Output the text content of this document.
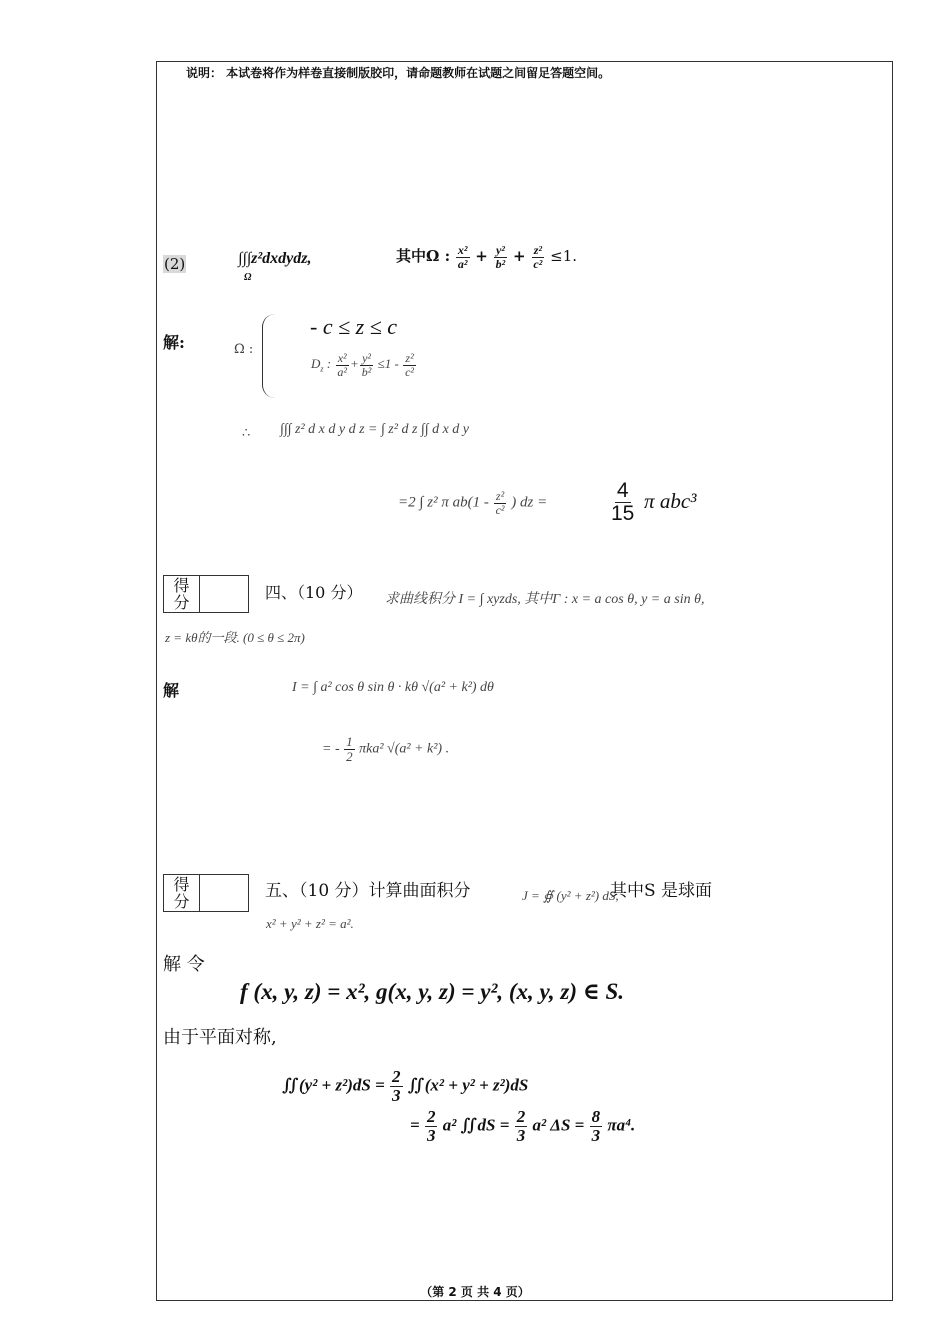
说明： 本试卷将作为样卷直接制版胶印，请命题教师在试题之间留足答题空间。
(2)	∫∫∫z²dxdydz,
Ω
其中Ω : $\frac{\text{x²}}{\text{a²}} + \frac{\text{y²}}{\text{b²}} + \frac{\text{z²}}{\text{c²}} \le 1$.
解:	Ω :
- c ≤ z ≤ c
$D_z$ : $\frac{\text{x²}}{\text{a²}} + \frac{\text{y²}}{\text{b²}} \le 1 - \frac{\text{z²}}{\text{c²}}$
∴ ∫∫∫ z² d x d y d z = ∫ z² d z ∫∫ d x d y
=2 ∫ z² π $ab(1 - \frac{\text{z²}}{\text{c²}}$ ) dz =	$\frac{4}{15}$ π abc³
得
分
四、（10 分） 求曲线积分 I = ∫ xyzds, 其中Γ : x = a cos θ, y = a sin θ,
z = kθ的一段. (0 ≤ θ ≤ 2π)
解	I = ∫ a² cos θ sin θ · kθ √(a² + k²) dθ
= - $\frac{1}{2} \pi ka^2$ √(a² + k²) .
得
分
五、（10 分）计算曲面积分	J = ∯ (y² + z²) dS,
其中S 是球面
x² + y² + z² = a².
解 令
f (x, y, z) = x², g(x, y, z) = y², (x, y, z) ∈ S.
由于平面对称,
∬(y² + $z^2)dS = \frac{2}{3}$ ∬(x² + y² + z²)dS
= $\frac{2}{3} a^2$ ∬dS = $\frac{2}{3} a^2$ $\Delta S = \frac{8}{3} \pi a^4$.
（第 2 页 共 4 页）
